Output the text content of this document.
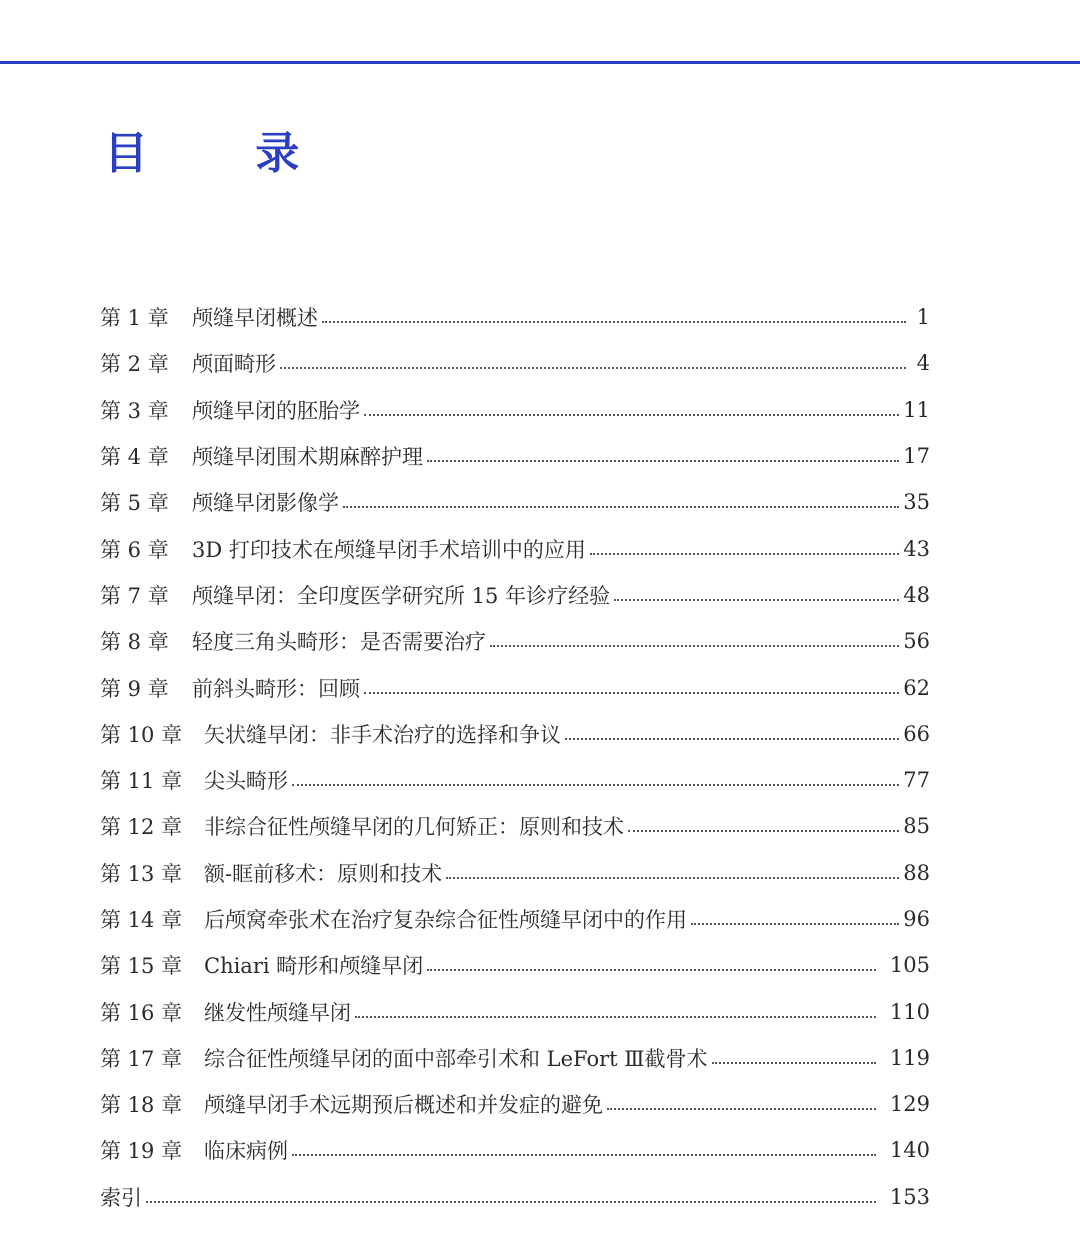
目 录
第 1 章	颅缝早闭概述	1
第 2 章	颅面畸形	4
第 3 章	颅缝早闭的胚胎学	11
第 4 章	颅缝早闭围术期麻醉护理	17
第 5 章	颅缝早闭影像学	35
第 6 章	3D 打印技术在颅缝早闭手术培训中的应用	43
第 7 章	颅缝早闭：全印度医学研究所 15 年诊疗经验	48
第 8 章	轻度三角头畸形：是否需要治疗	56
第 9 章	前斜头畸形：回顾	62
第 10 章	矢状缝早闭：非手术治疗的选择和争议	66
第 11 章	尖头畸形	77
第 12 章	非综合征性颅缝早闭的几何矫正：原则和技术	85
第 13 章	额-眶前移术：原则和技术	88
第 14 章	后颅窝牵张术在治疗复杂综合征性颅缝早闭中的作用	96
第 15 章	Chiari 畸形和颅缝早闭	105
第 16 章	继发性颅缝早闭	110
第 17 章	综合征性颅缝早闭的面中部牵引术和 LeFort Ⅲ截骨术	119
第 18 章	颅缝早闭手术远期预后概述和并发症的避免	129
第 19 章	临床病例	140
索引	153
